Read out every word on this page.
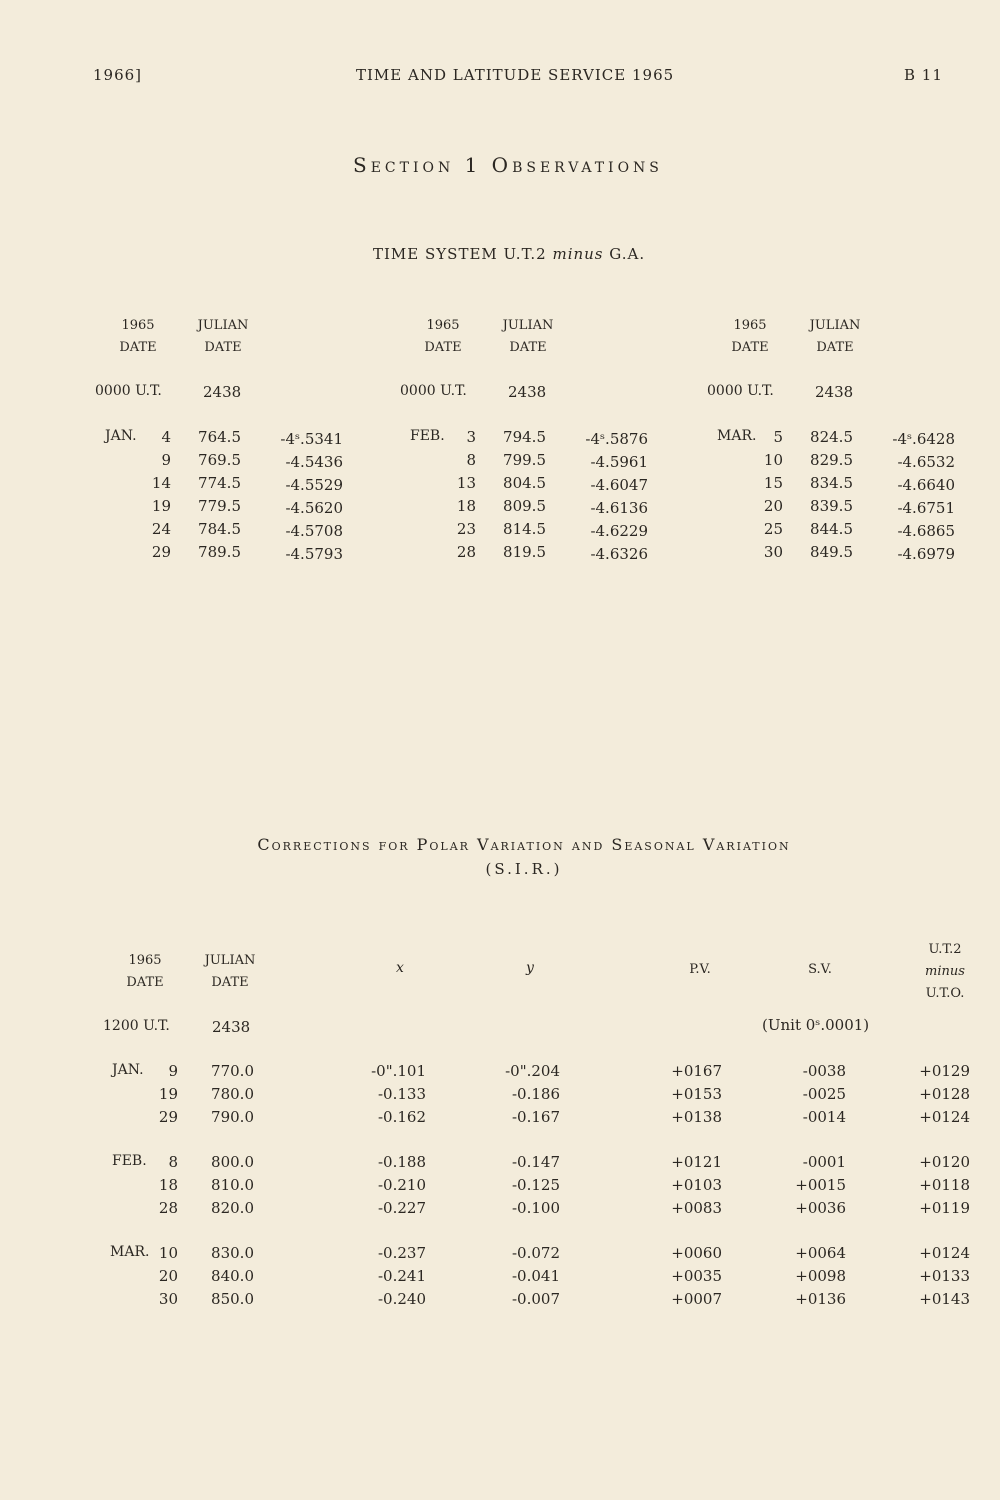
1966]	TIME AND LATITUDE SERVICE 1965	B 11
Section 1 Observations
TIME SYSTEM U.T.2 minus G.A.
1965
DATE
JULIAN
DATE
0000 U.T.	2438
JAN.	4	764.5	-4ˢ.5341
9	769.5	-4.5436
14	774.5	-4.5529
19	779.5	-4.5620
24	784.5	-4.5708
29	789.5	-4.5793
1965
DATE
JULIAN
DATE
0000 U.T.	2438
FEB.	3	794.5	-4ˢ.5876
8	799.5	-4.5961
13	804.5	-4.6047
18	809.5	-4.6136
23	814.5	-4.6229
28	819.5	-4.6326
1965
DATE
JULIAN
DATE
0000 U.T.	2438
MAR.	5	824.5	-4ˢ.6428
10	829.5	-4.6532
15	834.5	-4.6640
20	839.5	-4.6751
25	844.5	-4.6865
30	849.5	-4.6979
Corrections for Polar Variation and Seasonal Variation
(S.I.R.)
1965
DATE
JULIAN
DATE
x	y	P.V.	S.V.
U.T.2
minus
U.T.O.
1200 U.T.	2438	(Unit 0ˢ.0001)
JAN.	9	770.0	-0".101	-0".204	+0167	-0038	+0129
19	780.0	-0.133	-0.186	+0153	-0025	+0128
29	790.0	-0.162	-0.167	+0138	-0014	+0124
FEB.	8	800.0	-0.188	-0.147	+0121	-0001	+0120
18	810.0	-0.210	-0.125	+0103	+0015	+0118
28	820.0	-0.227	-0.100	+0083	+0036	+0119
MAR. 10	830.0	-0.237	-0.072	+0060	+0064	+0124
20	840.0	-0.241	-0.041	+0035	+0098	+0133
30	850.0	-0.240	-0.007	+0007	+0136	+0143
